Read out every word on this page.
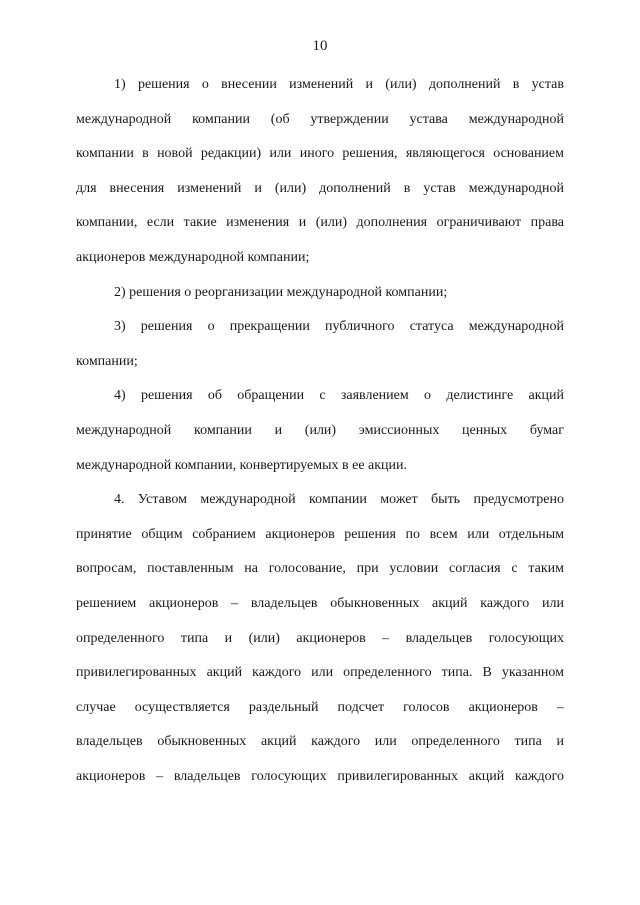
10
1) решения о внесении изменений и (или) дополнений в устав
международной компании (об утверждении устава международной
компании в новой редакции) или иного решения, являющегося основанием
для внесения изменений и (или) дополнений в устав международной
компании, если такие изменения и (или) дополнения ограничивают права
акционеров международной компании;
2) решения о реорганизации международной компании;
3) решения о прекращении публичного статуса международной
компании;
4) решения об обращении с заявлением о делистинге акций
международной компании и (или) эмиссионных ценных бумаг
международной компании, конвертируемых в ее акции.
4. Уставом международной компании может быть предусмотрено
принятие общим собранием акционеров решения по всем или отдельным
вопросам, поставленным на голосование, при условии согласия с таким
решением акционеров – владельцев обыкновенных акций каждого или
определенного типа и (или) акционеров – владельцев голосующих
привилегированных акций каждого или определенного типа. В указанном
случае осуществляется раздельный подсчет голосов акционеров –
владельцев обыкновенных акций каждого или определенного типа и
акционеров – владельцев голосующих привилегированных акций каждого
